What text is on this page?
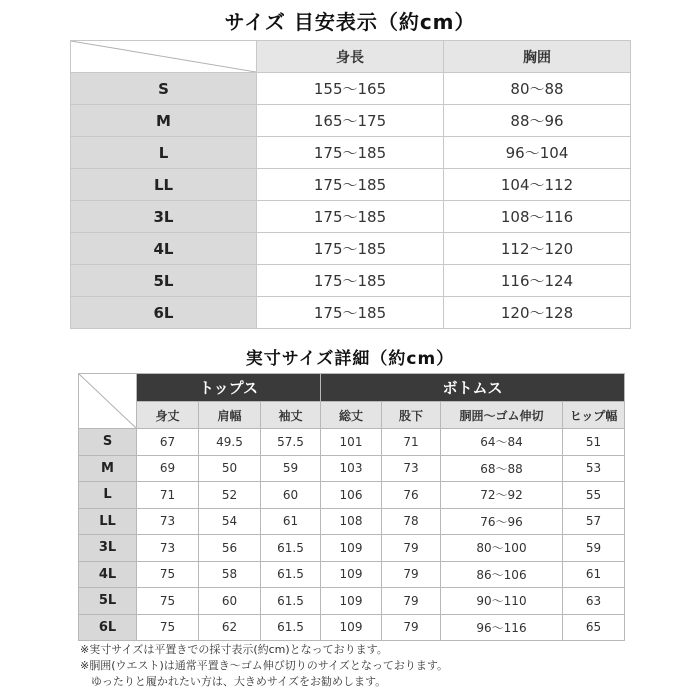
サイズ 目安表示（約cm）
	身長	胸囲
S	155〜165	80〜88
M	165〜175	88〜96
L	175〜185	96〜104
LL	175〜185	104〜112
3L	175〜185	108〜116
4L	175〜185	112〜120
5L	175〜185	116〜124
6L	175〜185	120〜128
実寸サイズ詳細（約cm）
	トップス			ボトムス			
	身丈	肩幅	袖丈	総丈	股下	胴囲〜ゴム伸切	ヒップ幅
S	67	49.5	57.5	101	71	64〜84	51
M	69	50	59	103	73	68〜88	53
L	71	52	60	106	76	72〜92	55
LL	73	54	61	108	78	76〜96	57
3L	73	56	61.5	109	79	80〜100	59
4L	75	58	61.5	109	79	86〜106	61
5L	75	60	61.5	109	79	90〜110	63
6L	75	62	61.5	109	79	96〜116	65
※実寸サイズは平置きでの採寸表示(約cm)となっております。
※胴囲(ウエスト)は通常平置き〜ゴム伸び切りのサイズとなっております。
　ゆったりと履かれたい方は、大きめサイズをお勧めします。
